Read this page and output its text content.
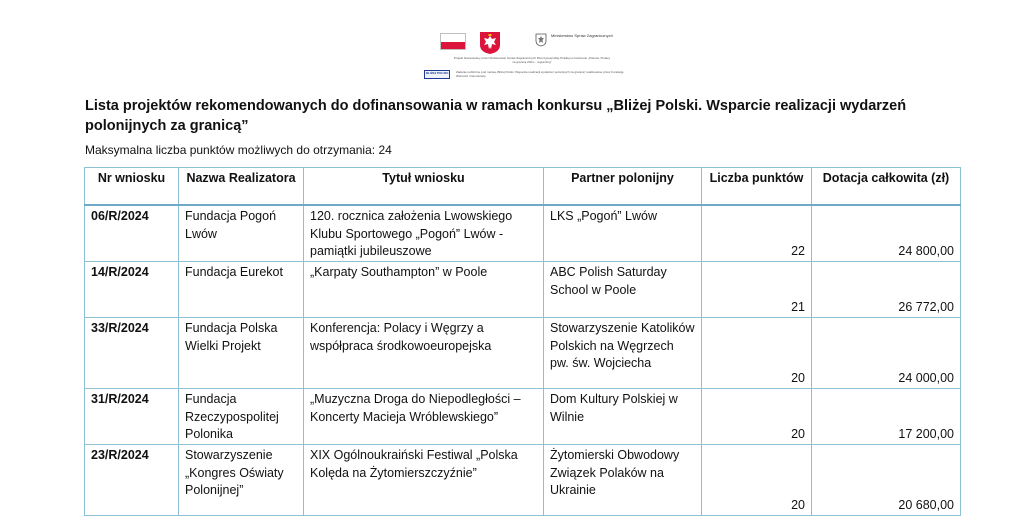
Ministerstwo Spraw Zagranicznych
Projekt finansowany przez Ministerstwo Spraw Zagranicznych Rzeczypospolitej Polskiej w konkursie „Polonia i Polacy za granicą 2024 – regranting”
BLIŻEJ POLSKI	Zadanie publiczne pod nazwą „Bliżej Polski. Wsparcie realizacji wydarzeń polonijnych za granicą” realizowane przez Fundację Wolności i Demokracji
Lista projektów rekomendowanych do dofinansowania w ramach konkursu „Bliżej Polski. Wsparcie realizacji wydarzeń polonijnych za granicą”
Maksymalna liczba punktów możliwych do otrzymania: 24
Nr wniosku	Nazwa Realizatora	Tytuł wniosku	Partner polonijny	Liczba punktów	Dotacja całkowita (zł)
06/R/2024	Fundacja Pogoń Lwów	120. rocznica założenia Lwowskiego Klubu Sportowego „Pogoń” Lwów - pamiątki jubileuszowe	LKS „Pogoń” Lwów	22	24 800,00
14/R/2024	Fundacja Eurekot	„Karpaty Southampton” w Poole	ABC Polish Saturday School w Poole	21	26 772,00
33/R/2024	Fundacja Polska Wielki Projekt	Konferencja: Polacy i Węgrzy a współpraca środkowoeuropejska	Stowarzyszenie Katolików Polskich na Węgrzech pw. św. Wojciecha	20	24 000,00
31/R/2024	Fundacja Rzeczypospolitej Polonika	„Muzyczna Droga do Niepodległości – Koncerty Macieja Wróblewskiego”	Dom Kultury Polskiej w Wilnie	20	17 200,00
23/R/2024	Stowarzyszenie „Kongres Oświaty Polonijnej”	XIX Ogólnoukraiński Festiwal „Polska Kolęda na Żytomierszczyźnie”	Żytomierski Obwodowy Związek Polaków na Ukrainie	20	20 680,00
